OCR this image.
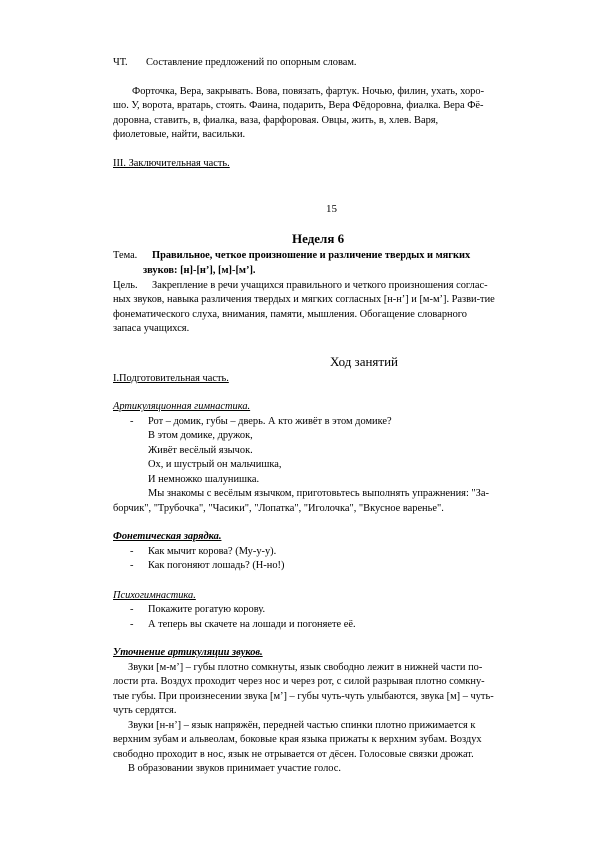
ЧТ. Составление предложений по опорным словам.
Форточка, Вера, закрывать. Вова, повязать, фартук. Ночью, филин, ухать, хоро-
шо. У, ворота, вратарь, стоять. Фаина, подарить, Вера Фёдоровна, фиалка. Вера Фё-
доровна, ставить, в, фиалка, ваза, фарфоровая. Овцы, жить, в, хлев. Варя,
фиолетовые, найти, васильки.
III. Заключительная часть.
15
Неделя 6
Тема. Правильное, четкое произношение и различение твердых и мягких
звуков: [н]-[н’], [м]-[м’].
Цель. Закрепление в речи учащихся правильного и четкого произношения соглас-
ных звуков, навыка различения твердых и мягких согласных [н-н’] и [м-м’]. Разви-тие
фонематического слуха, внимания, памяти, мышления. Обогащение словарного
запаса учащихся.
Ход занятий
I.Подготовительная часть.
Артикуляционная гимнастика.
- Рот – домик, губы – дверь. А кто живёт в этом домике?
В этом домике, дружок,
Живёт весёлый язычок.
Ох, и шустрый он мальчишка,
И немножко шалунишка.
Мы знакомы с весёлым язычком, приготовьтесь выполнять упражнения: "За-
борчик", "Трубочка", "Часики", "Лопатка", "Иголочка", "Вкусное варенье".
Фонетическая зарядка.
- Как мычит корова? (Му-у-у).
- Как погоняют лошадь? (Н-но!)
Психогимнастика.
- Покажите рогатую корову.
- А теперь вы скачете на лошади и погоняете её.
Уточнение артикуляции звуков.
Звуки [м-м’] – губы плотно сомкнуты, язык свободно лежит в нижней части по-
лости рта. Воздух проходит через нос и через рот, с силой разрывая плотно сомкну-
тые губы. При произнесении звука [м’] – губы чуть-чуть улыбаются, звука [м] – чуть-
чуть сердятся.
Звуки [н-н’] – язык напряжён, передней частью спинки плотно прижимается к
верхним зубам и альвеолам, боковые края языка прижаты к верхним зубам. Воздух
свободно проходит в нос, язык не отрывается от дёсен. Голосовые связки дрожат.
В образовании звуков принимает участие голос.
